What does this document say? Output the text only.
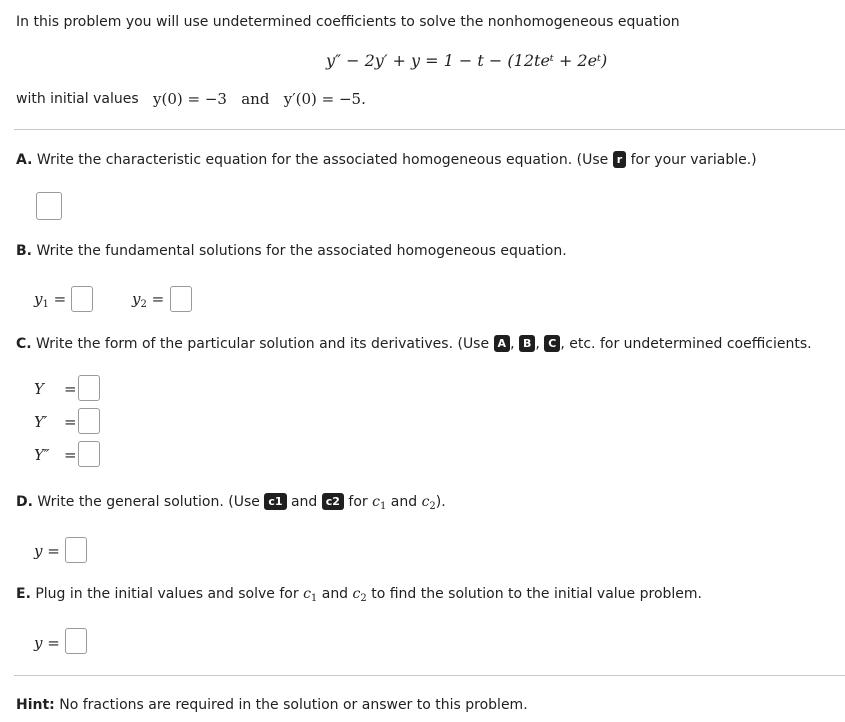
In this problem you will use undetermined coefficients to solve the nonhomogeneous equation
y″ − 2y′ + y = 1 − t − (12teᵗ + 2eᵗ)
with initial values y(0) = −3   and   y′(0) = −5.
A. Write the characteristic equation for the associated homogeneous equation. (Use r for your variable.)
B. Write the fundamental solutions for the associated homogeneous equation.
$y_1$ =	$y_2$ =
C. Write the form of the particular solution and its derivatives. (Use A , B , C , etc. for undetermined coefficients.
Y =
Y′ =
Y″ =
D. Write the general solution. (Use c1 and c2 for $c_1$ and $c_2$).
y =
E. Plug in the initial values and solve for $c_1$ and $c_2$ to find the solution to the initial value problem.
y =
Hint: No fractions are required in the solution or answer to this problem.
